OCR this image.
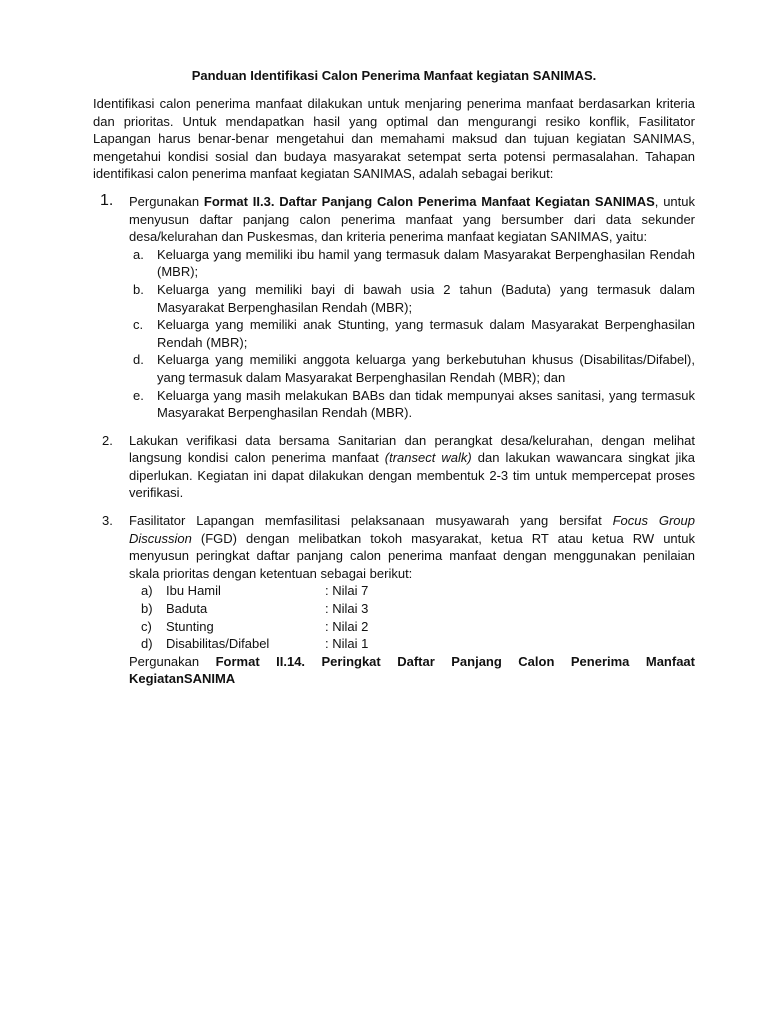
Panduan Identifikasi Calon Penerima Manfaat kegiatan SANIMAS.

Identifikasi calon penerima manfaat dilakukan untuk menjaring penerima manfaat berdasarkan kriteria dan prioritas. Untuk mendapatkan hasil yang optimal dan mengurangi resiko konflik, Fasilitator Lapangan harus benar-benar mengetahui dan memahami maksud dan tujuan kegiatan SANIMAS, mengetahui kondisi sosial dan budaya masyarakat setempat serta potensi permasalahan. Tahapan identifikasi calon penerima manfaat kegiatan SANIMAS, adalah sebagai berikut:

1. Pergunakan Format II.3. Daftar Panjang Calon Penerima Manfaat Kegiatan SANIMAS, untuk menyusun daftar panjang calon penerima manfaat yang bersumber dari data sekunder desa/kelurahan dan Puskesmas, dan kriteria penerima manfaat kegiatan SANIMAS, yaitu:
a. Keluarga yang memiliki ibu hamil yang termasuk dalam Masyarakat Berpenghasilan Rendah (MBR);
b. Keluarga yang memiliki bayi di bawah usia 2 tahun (Baduta) yang termasuk dalam Masyarakat Berpenghasilan Rendah (MBR);
c. Keluarga yang memiliki anak Stunting, yang termasuk dalam Masyarakat Berpenghasilan Rendah (MBR);
d. Keluarga yang memiliki anggota keluarga yang berkebutuhan khusus (Disabilitas/Difabel), yang termasuk dalam Masyarakat Berpenghasilan Rendah (MBR); dan
e. Keluarga yang masih melakukan BABs dan tidak mempunyai akses sanitasi, yang termasuk Masyarakat Berpenghasilan Rendah (MBR).
2. Lakukan verifikasi data bersama Sanitarian dan perangkat desa/kelurahan, dengan melihat langsung kondisi calon penerima manfaat (transect walk) dan lakukan wawancara singkat jika diperlukan. Kegiatan ini dapat dilakukan dengan membentuk 2-3 tim untuk mempercepat proses verifikasi.
3. Fasilitator Lapangan memfasilitasi pelaksanaan musyawarah yang bersifat Focus Group Discussion (FGD) dengan melibatkan tokoh masyarakat, ketua RT atau ketua RW untuk menyusun peringkat daftar panjang calon penerima manfaat dengan menggunakan penilaian skala prioritas dengan ketentuan sebagai berikut:
a) Ibu Hamil	: Nilai 7
b) Baduta	: Nilai 3
c) Stunting	: Nilai 2
d) Disabilitas/Difabel	: Nilai 1
Pergunakan Format II.14. Peringkat Daftar Panjang Calon Penerima Manfaat KegiatanSANIMA
